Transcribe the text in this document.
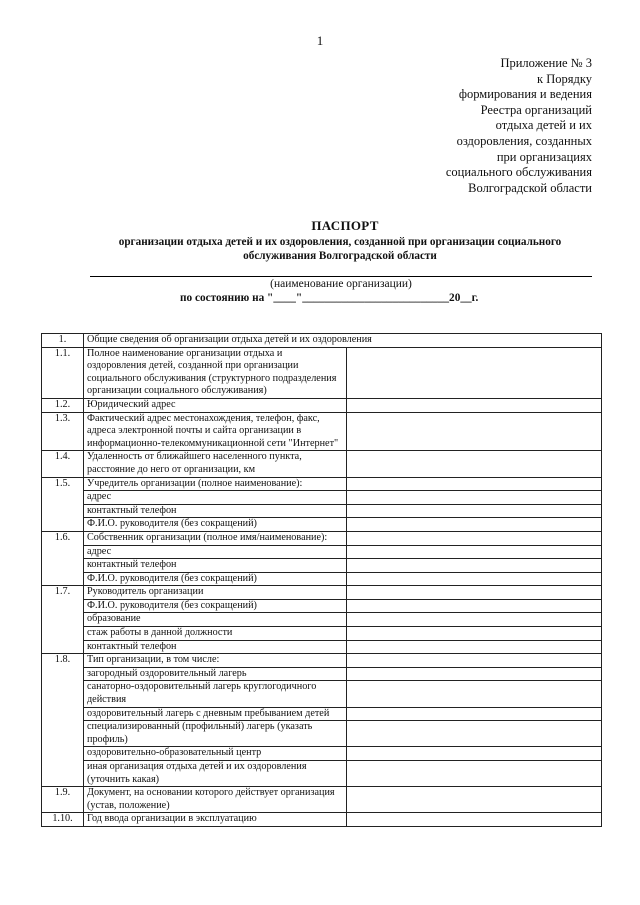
1
Приложение № 3
к Порядку
формирования и ведения
Реестра организаций
отдыха детей и их
оздоровления, созданных
при организациях
социального обслуживания
Волгоградской области
ПАСПОРТ
организации отдыха детей и их оздоровления, созданной при организации социального обслуживания Волгоградской области
(наименование организации)
по состоянию на "____"__________________________20__г.
1.	Общие сведения об организации отдыха детей и их оздоровления	
1.1.	Полное наименование организации отдыха и оздоровления детей, созданной при организации социального обслуживания (структурного подразделения организации социального обслуживания)	
1.2.	Юридический адрес	
1.3.	Фактический адрес местонахождения, телефон, факс, адреса электронной почты и сайта организации в информационно-телекоммуникационной сети "Интернет"	
1.4.	Удаленность от ближайшего населенного пункта, расстояние до него от организации, км	
1.5.	Учредитель организации (полное наименование):	
	адрес	
	контактный телефон	
	Ф.И.О. руководителя (без сокращений)	
1.6.	Собственник организации (полное имя/наименование):	
	адрес	
	контактный телефон	
	Ф.И.О. руководителя (без сокращений)	
1.7.	Руководитель организации	
	Ф.И.О. руководителя (без сокращений)	
	образование	
	стаж работы в данной должности	
	контактный телефон	
1.8.	Тип организации, в том числе:	
	загородный оздоровительный лагерь	
	санаторно-оздоровительный лагерь круглогодичного действия	
	оздоровительный лагерь с дневным пребыванием детей	
	специализированный (профильный) лагерь (указать профиль)	
	оздоровительно-образовательный центр	
	иная организация отдыха детей и их оздоровления (уточнить какая)	
1.9.	Документ, на основании которого действует организация (устав, положение)	
1.10.	Год ввода организации в эксплуатацию	
